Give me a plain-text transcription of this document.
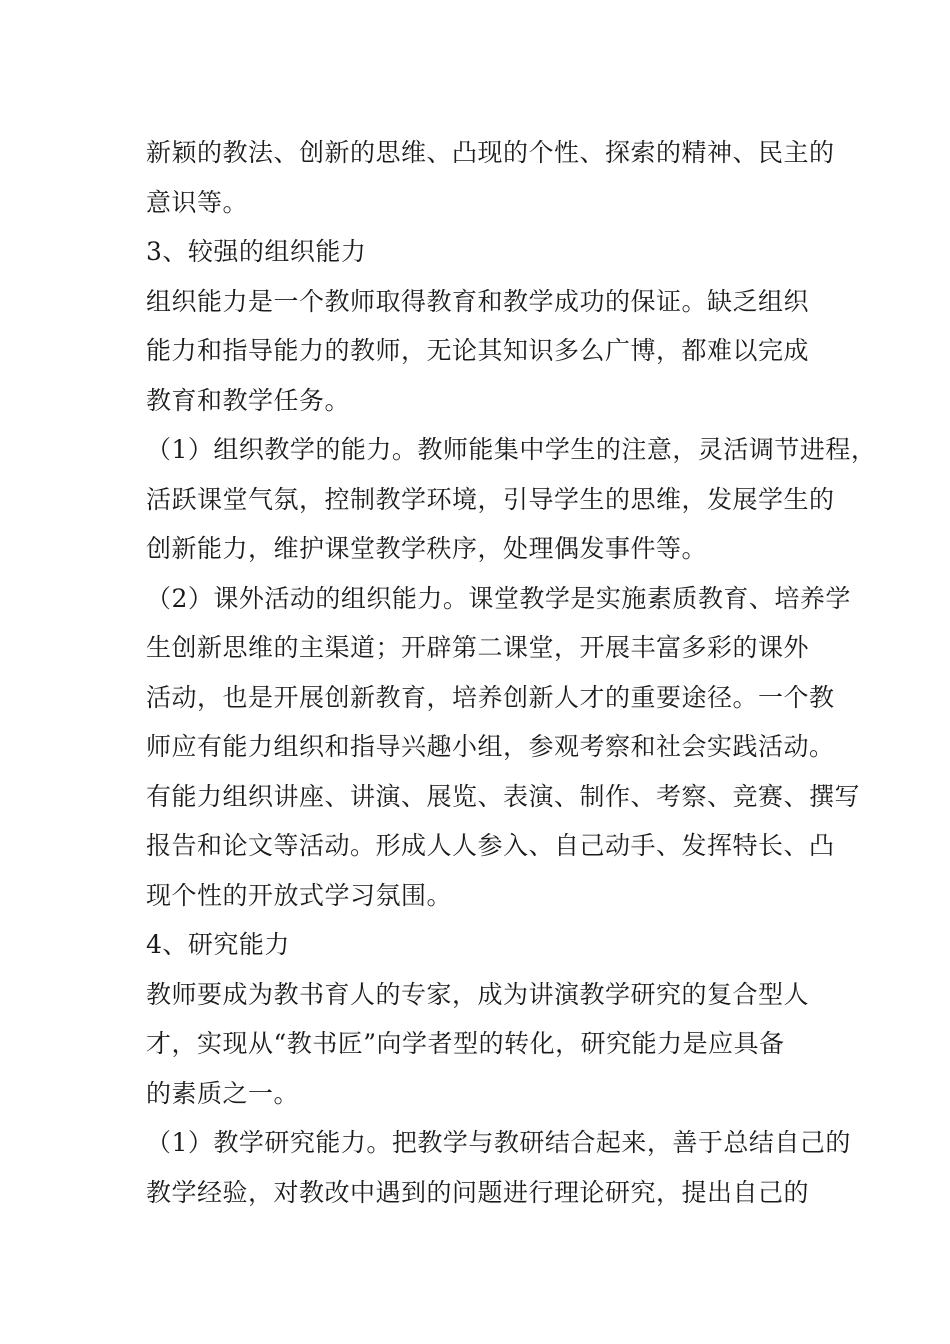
新颖的教法、创新的思维、凸现的个性、探索的精神、民主的
意识等。
3、较强的组织能力
组织能力是一个教师取得教育和教学成功的保证。缺乏组织
能力和指导能力的教师，无论其知识多么广博，都难以完成
教育和教学任务。
（1）组织教学的能力。教师能集中学生的注意，灵活调节进程，
活跃课堂气氛，控制教学环境，引导学生的思维，发展学生的
创新能力，维护课堂教学秩序，处理偶发事件等。
（2）课外活动的组织能力。课堂教学是实施素质教育、培养学
生创新思维的主渠道；开辟第二课堂，开展丰富多彩的课外
活动，也是开展创新教育，培养创新人才的重要途径。一个教
师应有能力组织和指导兴趣小组，参观考察和社会实践活动。
有能力组织讲座、讲演、展览、表演、制作、考察、竞赛、撰写
报告和论文等活动。形成人人参入、自己动手、发挥特长、凸
现个性的开放式学习氛围。
4、研究能力
教师要成为教书育人的专家，成为讲演教学研究的复合型人
才，实现从“教书匠”向学者型的转化，研究能力是应具备
的素质之一。
（1）教学研究能力。把教学与教研结合起来，善于总结自己的
教学经验，对教改中遇到的问题进行理论研究，提出自己的
